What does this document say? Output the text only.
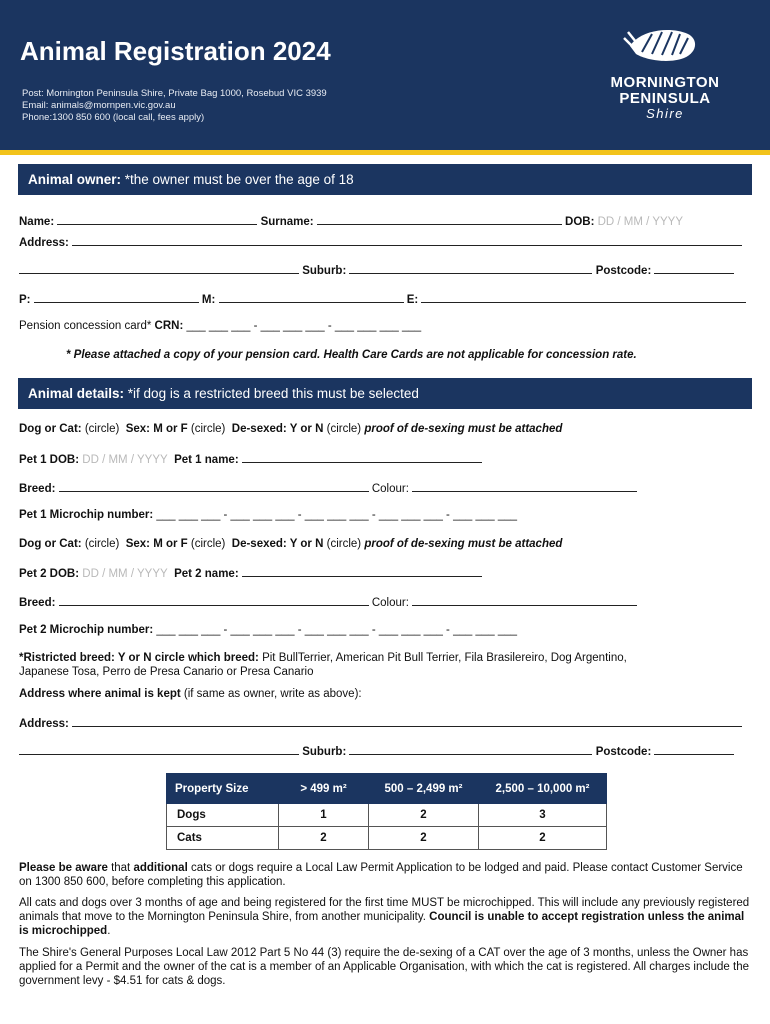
Animal Registration 2024
Post: Mornington Peninsula Shire, Private Bag 1000, Rosebud VIC 3939
Email: animals@mornpen.vic.gov.au
Phone:1300 850 600 (local call, fees apply)
MORNINGTON
PENINSULA
Shire
Animal owner: *the owner must be over the age of 18
Name:	Surname:	DOB: DD / MM / YYYY
Address:
Suburb:	Postcode:
P:	M:	E:
Pension concession card* CRN: ___ ___ ___ - ___ ___ ___ - ___ ___ ___ ___
* Please attached a copy of your pension card. Health Care Cards are not applicable for concession rate.
Animal details: *if dog is a restricted breed this must be selected
Dog or Cat: (circle) Sex: M or F (circle) De-sexed: Y or N (circle) proof of de-sexing must be attached
Pet 1 DOB: DD / MM / YYYY Pet 1 name:
Breed:	Colour:
Pet 1 Microchip number: ___ ___ ___ - ___ ___ ___ - ___ ___ ___ - ___ ___ ___ - ___ ___ ___
Dog or Cat: (circle) Sex: M or F (circle) De-sexed: Y or N (circle) proof of de-sexing must be attached
Pet 2 DOB: DD / MM / YYYY Pet 2 name:
Breed:	Colour:
Pet 2 Microchip number: ___ ___ ___ - ___ ___ ___ - ___ ___ ___ - ___ ___ ___ - ___ ___ ___
*Ristricted breed: Y or N circle which breed: Pit BullTerrier, American Pit Bull Terrier, Fila Brasilereiro, Dog Argentino,
Japanese Tosa, Perro de Presa Canario or Presa Canario
Address where animal is kept (if same as owner, write as above):
Address:
Suburb:	Postcode:
Property Size	> 499 m²	500 – 2,499 m²	2,500 – 10,000 m²
Dogs	1	2	3
Cats	2	2	2
Please be aware that additional cats or dogs require a Local Law Permit Application to be lodged and paid. Please contact Customer Service on 1300 850 600, before completing this application.
All cats and dogs over 3 months of age and being registered for the first time MUST be microchipped. This will include any previously registered animals that move to the Mornington Peninsula Shire, from another municipality. Council is unable to accept registration unless the animal is microchipped.
The Shire's General Purposes Local Law 2012 Part 5 No 44 (3) require the de-sexing of a CAT over the age of 3 months, unless the Owner has applied for a Permit and the owner of the cat is a member of an Applicable Organisation, with which the cat is registered. All charges include the government levy - $4.51 for cats & dogs.
